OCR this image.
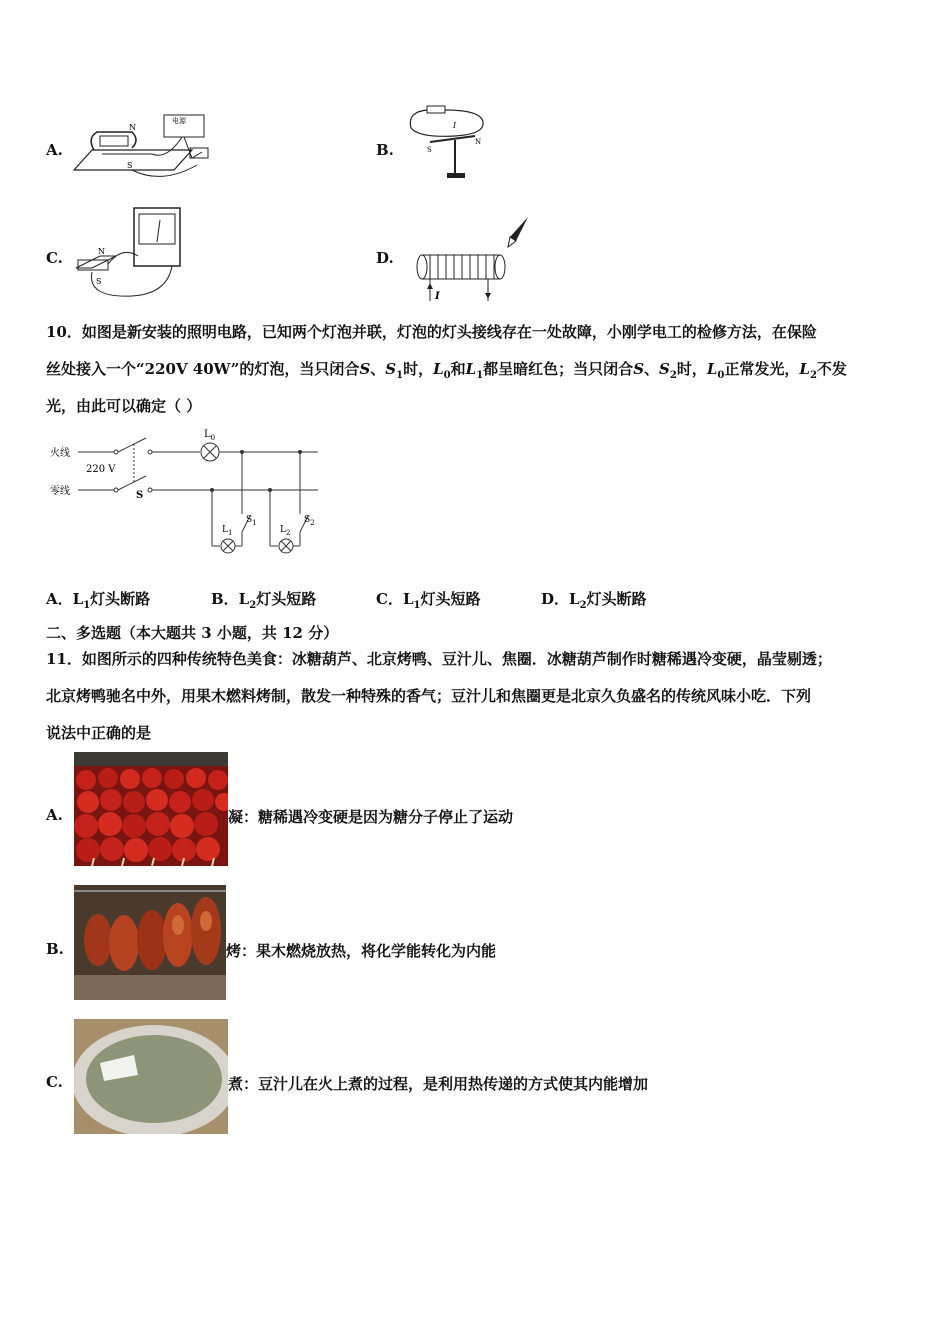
A.	B.
C.	D.
N
S
电源	I
S
N
N
S
I
10．如图是新安装的照明电路，已知两个灯泡并联，灯泡的灯头接线存在一处故障，小刚学电工的检修方法，在保险
丝处接入一个“220V 40W”的灯泡，当只闭合S、$S_1$时，$L_0$和$L_1$都呈暗红色；当只闭合S、$S_2$时，$L_0$正常发光，$L_2$不发
光，由此可以确定（ ）
火线
零线
220 V
S
$L_0$
$L_1$
$S_1$
$L_2$
$S_2$
A．$L_1$灯头断路	B．$L_2$灯头短路	C．$L_1$灯头短路	D．$L_2$灯头断路
二、多选题（本大题共 3 小题，共 12 分）
11．如图所示的四种传统特色美食：冰糖葫芦、北京烤鸭、豆汁儿、焦圈．冰糖葫芦制作时糖稀遇冷变硬，晶莹剔透；
北京烤鸭驰名中外，用果木燃料烤制，散发一种特殊的香气；豆汁儿和焦圈更是北京久负盛名的传统风味小吃．下列
说法中正确的是
A.	凝：糖稀遇冷变硬是因为糖分子停止了运动
B.	烤：果木燃烧放热，将化学能转化为内能
C.	煮：豆汁儿在火上煮的过程，是利用热传递的方式使其内能增加
